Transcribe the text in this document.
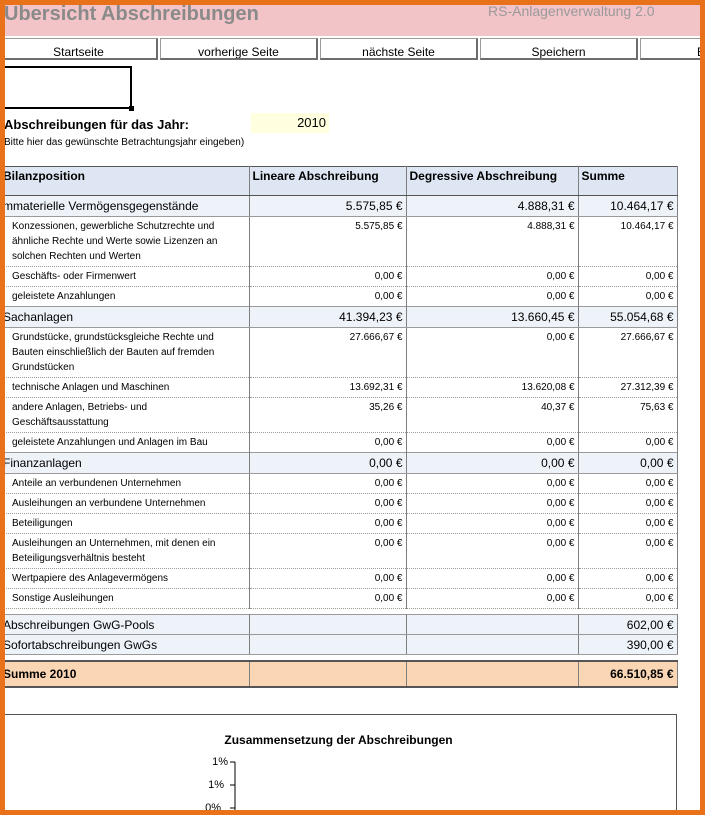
Übersicht Abschreibungen	RS-Anlagenverwaltung 2.0
Startseite	vorherige Seite	nächste Seite	Speichern	B
Abschreibungen für das Jahr:	2010
Bitte hier das gewünschte Betrachtungsjahr eingeben)
Bilanzposition	Lineare Abschreibung	Degressive Abschreibung	Summe
mmaterielle Vermögensgegenstände	5.575,85 €	4.888,31 €	10.464,17 €
Konzessionen, gewerbliche Schutzrechte und ähnliche Rechte und Werte sowie Lizenzen an solchen Rechten und Werten	5.575,85 €	4.888,31 €	10.464,17 €
Geschäfts- oder Firmenwert	0,00 €	0,00 €	0,00 €
geleistete Anzahlungen	0,00 €	0,00 €	0,00 €
Sachanlagen	41.394,23 €	13.660,45 €	55.054,68 €
Grundstücke, grundstücksgleiche Rechte und Bauten einschließlich der Bauten auf fremden Grundstücken	27.666,67 €	0,00 €	27.666,67 €
technische Anlagen und Maschinen	13.692,31 €	13.620,08 €	27.312,39 €
andere Anlagen, Betriebs- und Geschäftsausstattung	35,26 €	40,37 €	75,63 €
geleistete Anzahlungen und Anlagen im Bau	0,00 €	0,00 €	0,00 €
Finanzanlagen	0,00 €	0,00 €	0,00 €
Anteile an verbundenen Unternehmen	0,00 €	0,00 €	0,00 €
Ausleihungen an verbundene Unternehmen	0,00 €	0,00 €	0,00 €
Beteiligungen	0,00 €	0,00 €	0,00 €
Ausleihungen an Unternehmen, mit denen ein Beteiligungsverhältnis besteht	0,00 €	0,00 €	0,00 €
Wertpapiere des Anlagevermögens	0,00 €	0,00 €	0,00 €
Sonstige Ausleihungen	0,00 €	0,00 €	0,00 €

Abschreibungen GwG-Pools			602,00 €
Sofortabschreibungen GwGs			390,00 €

Summe 2010			66.510,85 €
Zusammensetzung der Abschreibungen
1%
1%
0%
